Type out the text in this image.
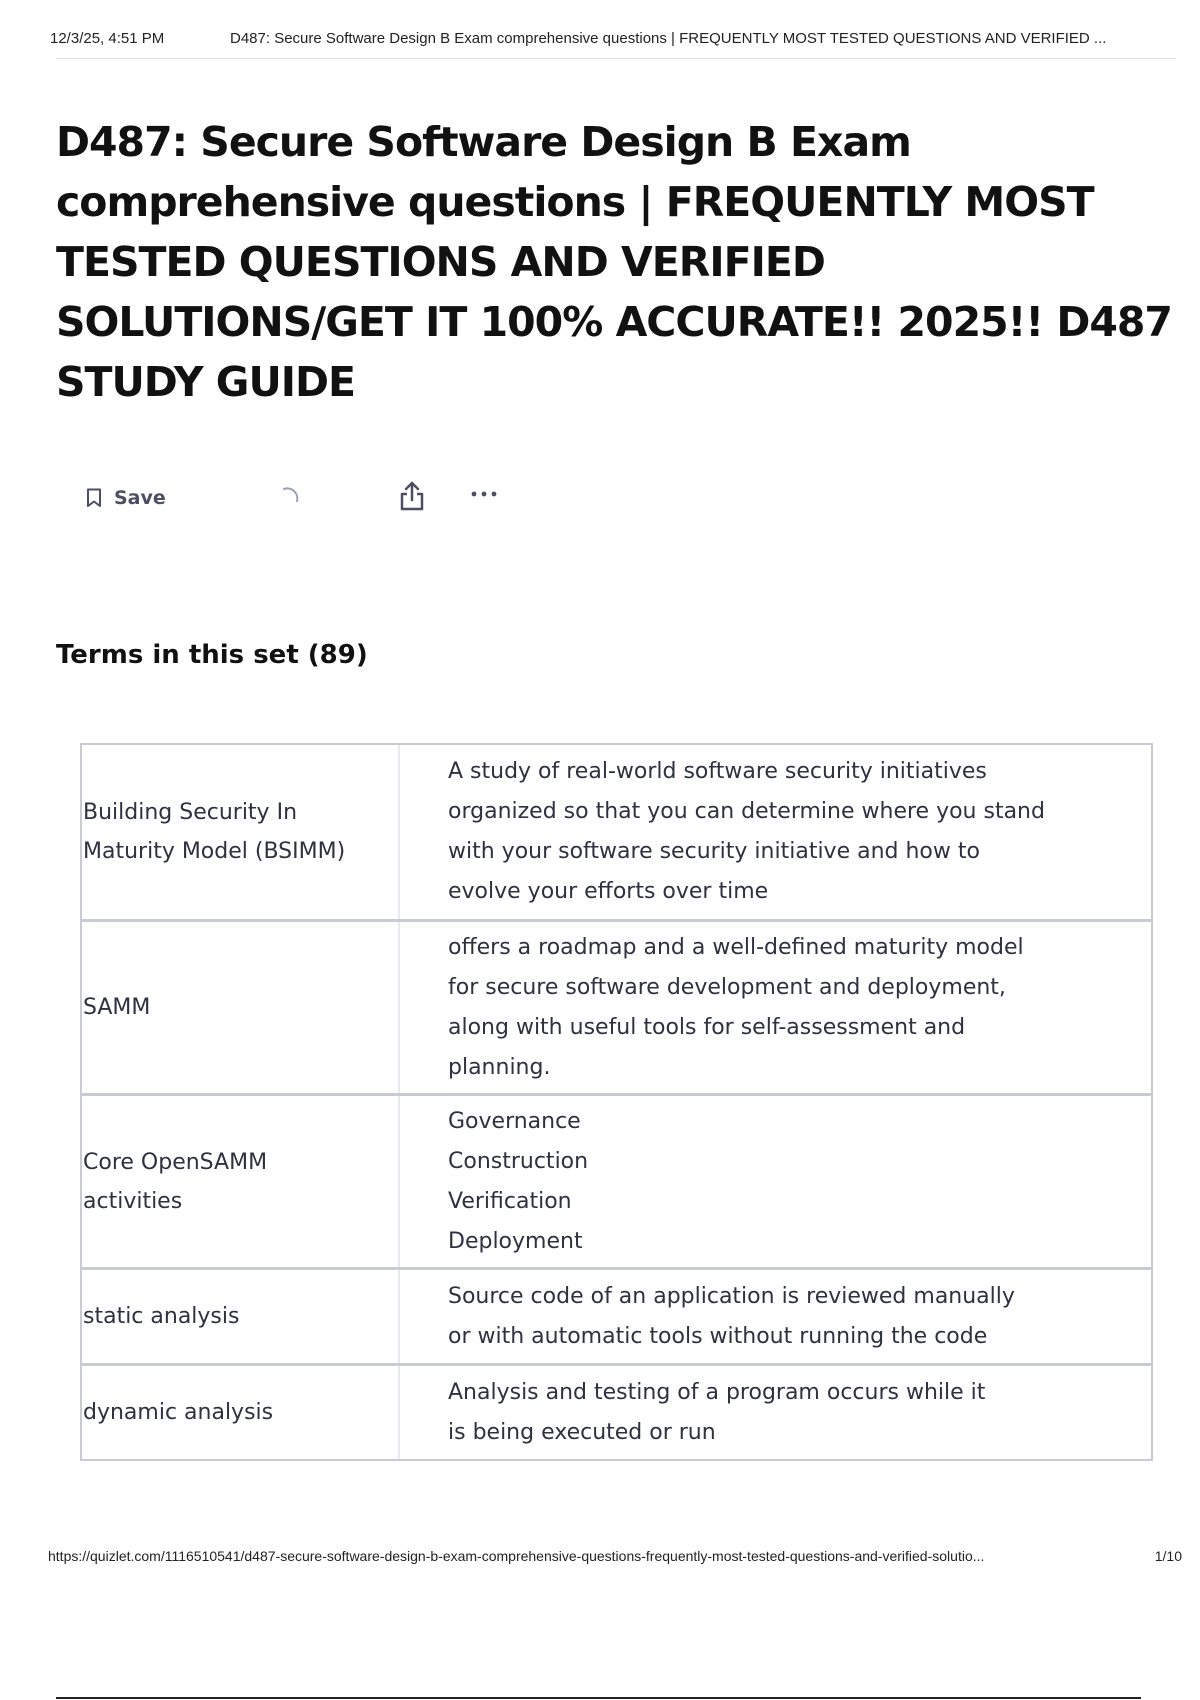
12/3/25, 4:51 PM	D487: Secure Software Design B Exam comprehensive questions | FREQUENTLY MOST TESTED QUESTIONS AND VERIFIED ...
D487: Secure Software Design B Exam comprehensive questions | FREQUENTLY MOST TESTED QUESTIONS AND VERIFIED SOLUTIONS/GET IT 100% ACCURATE!! 2025!! D487 STUDY GUIDE
Save
Terms in this set (89)
Building Security In Maturity Model (BSIMM)
A study of real-world software security initiatives organized so that you can determine where you stand with your software security initiative and how to evolve your efforts over time
SAMM
offers a roadmap and a well-defined maturity model for secure software development and deployment, along with useful tools for self-assessment and planning.
Core OpenSAMM activities
Governance
Construction
Verification
Deployment
static analysis
Source code of an application is reviewed manually or with automatic tools without running the code
dynamic analysis
Analysis and testing of a program occurs while it is being executed or run
https://quizlet.com/1116510541/d487-secure-software-design-b-exam-comprehensive-questions-frequently-most-tested-questions-and-verified-solutio...	1/10
